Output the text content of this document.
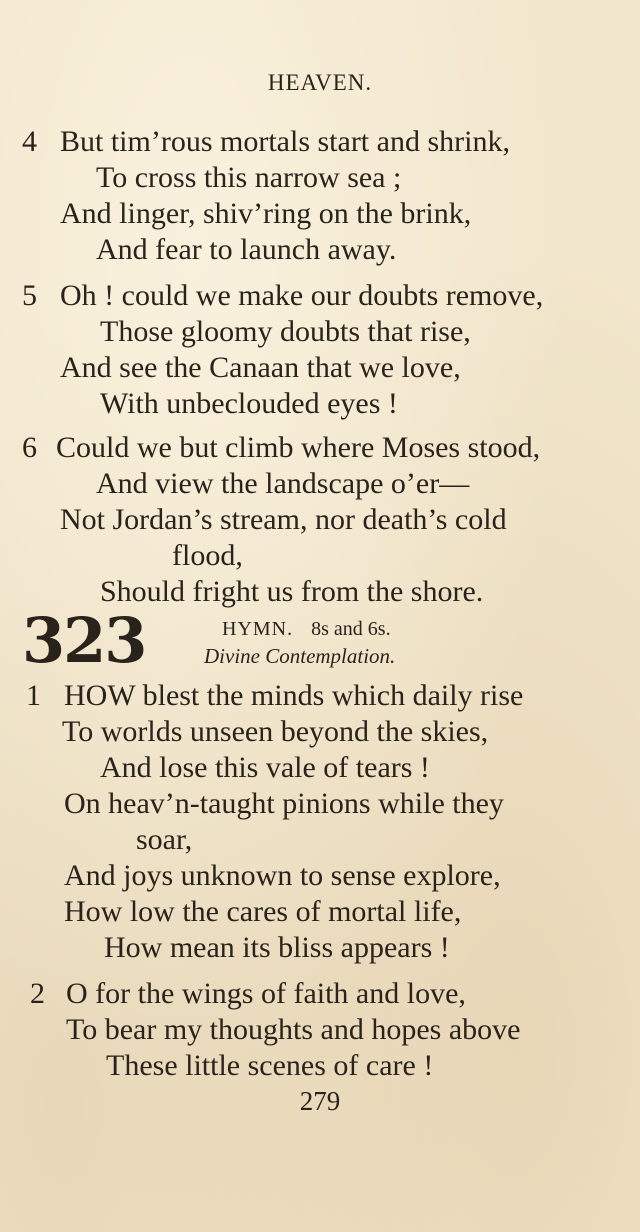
HEAVEN.
4 But tim’rous mortals start and shrink,
To cross this narrow sea ;
And linger, shiv’ring on the brink,
And fear to launch away.
5 Oh ! could we make our doubts remove,
Those gloomy doubts that rise,
And see the Canaan that we love,
With unbeclouded eyes !
6 Could we but climb where Moses stood,
And view the landscape o’er—
Not Jordan’s stream, nor death’s cold
flood,
Should fright us from the shore.
323	HYMN. 8s and 6s.
Divine Contemplation.
1 HOW blest the minds which daily rise
To worlds unseen beyond the skies,
And lose this vale of tears !
On heav’n-taught pinions while they
soar,
And joys unknown to sense explore,
How low the cares of mortal life,
How mean its bliss appears !
2 O for the wings of faith and love,
To bear my thoughts and hopes above
These little scenes of care !
279
